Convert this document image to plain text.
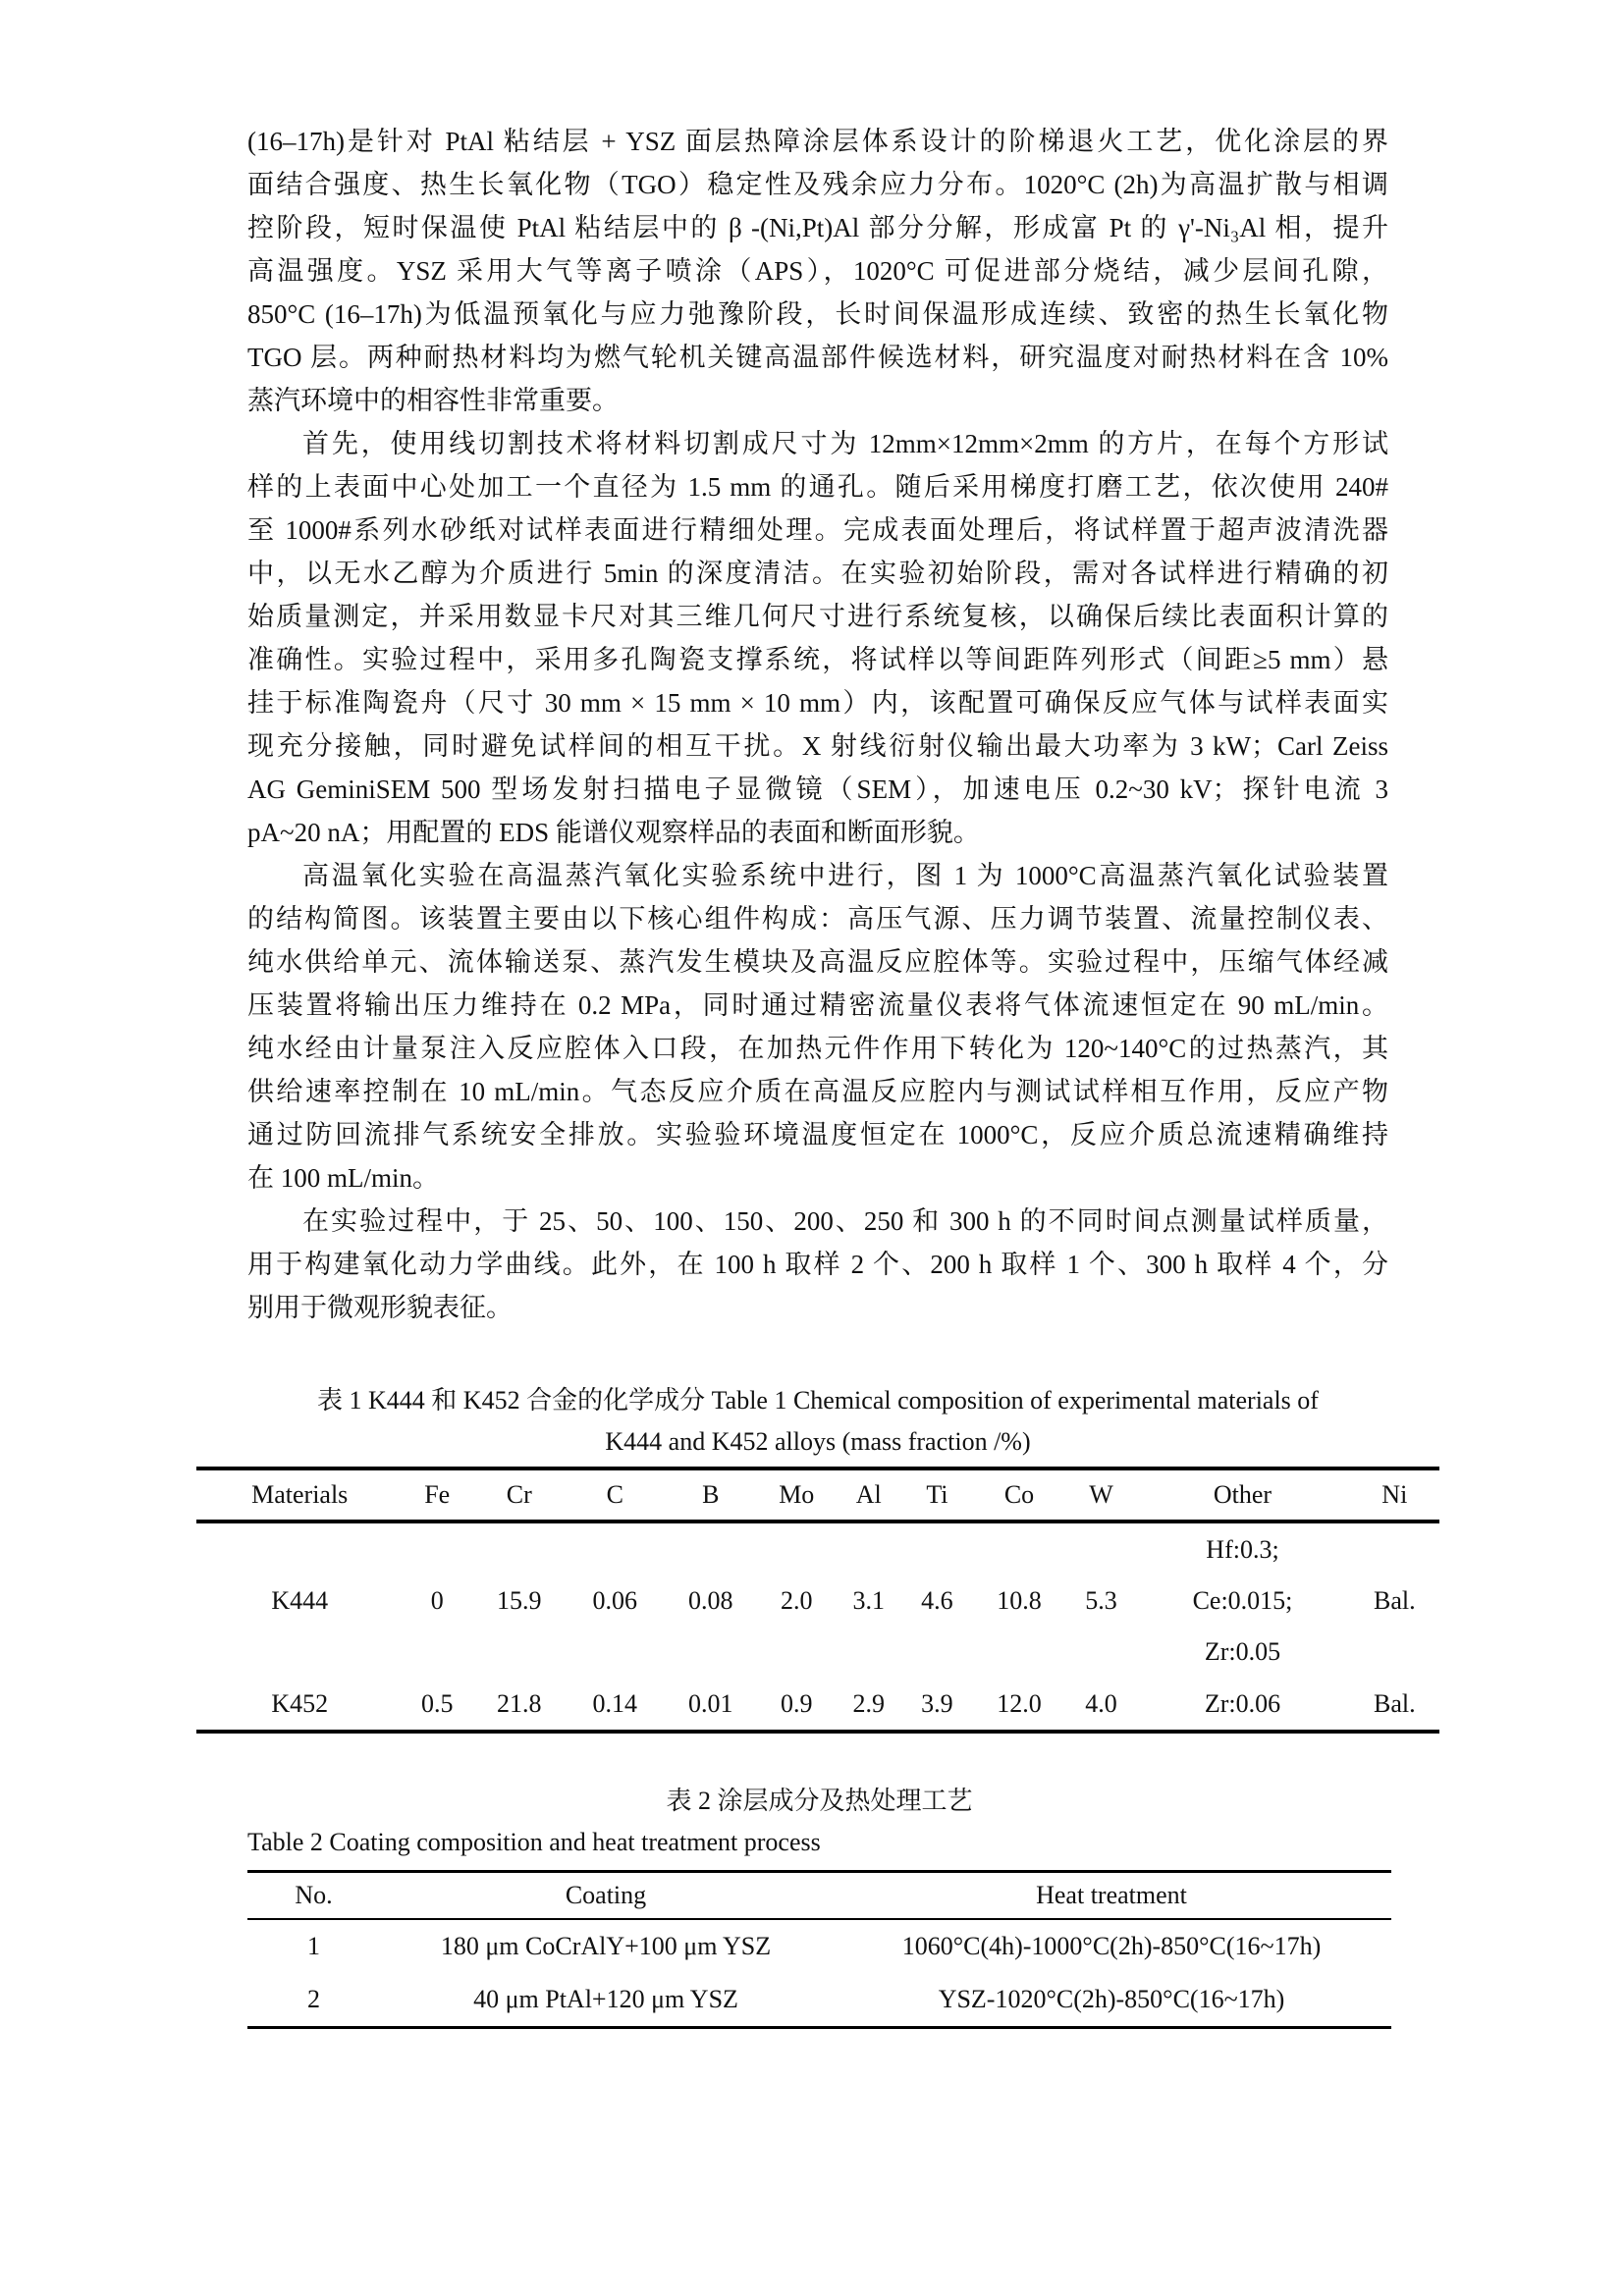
(16–17h)是针对 PtAl 粘结层 + YSZ 面层热障涂层体系设计的阶梯退火工艺，优化涂层的界
面结合强度、热生长氧化物（TGO）稳定性及残余应力分布。1020°C (2h)为高温扩散与相调
控阶段，短时保温使 PtAl 粘结层中的 β -(Ni,Pt)Al 部分分解，形成富 Pt 的 γ'-Ni₃Al 相，提升
高温强度。YSZ 采用大气等离子喷涂（APS），1020°C 可促进部分烧结，减少层间孔隙，
850°C (16–17h)为低温预氧化与应力弛豫阶段，长时间保温形成连续、致密的热生长氧化物
TGO 层。两种耐热材料均为燃气轮机关键高温部件候选材料，研究温度对耐热材料在含 10%
蒸汽环境中的相容性非常重要。
首先，使用线切割技术将材料切割成尺寸为 12mm×12mm×2mm 的方片，在每个方形试
样的上表面中心处加工一个直径为 1.5 mm 的通孔。随后采用梯度打磨工艺，依次使用 240#
至 1000#系列水砂纸对试样表面进行精细处理。完成表面处理后，将试样置于超声波清洗器
中，以无水乙醇为介质进行 5min 的深度清洁。在实验初始阶段，需对各试样进行精确的初
始质量测定，并采用数显卡尺对其三维几何尺寸进行系统复核，以确保后续比表面积计算的
准确性。实验过程中，采用多孔陶瓷支撑系统，将试样以等间距阵列形式（间距≥5 mm）悬
挂于标准陶瓷舟（尺寸 30 mm × 15 mm × 10 mm）内，该配置可确保反应气体与试样表面实
现充分接触，同时避免试样间的相互干扰。X 射线衍射仪输出最大功率为 3 kW；Carl Zeiss
AG GeminiSEM 500 型场发射扫描电子显微镜（SEM），加速电压 0.2~30 kV；探针电流 3
pA~20 nA；用配置的 EDS 能谱仪观察样品的表面和断面形貌。
高温氧化实验在高温蒸汽氧化实验系统中进行，图 1 为 1000°C高温蒸汽氧化试验装置
的结构简图。该装置主要由以下核心组件构成：高压气源、压力调节装置、流量控制仪表、
纯水供给单元、流体输送泵、蒸汽发生模块及高温反应腔体等。实验过程中，压缩气体经减
压装置将输出压力维持在 0.2 MPa，同时通过精密流量仪表将气体流速恒定在 90 mL/min。
纯水经由计量泵注入反应腔体入口段，在加热元件作用下转化为 120~140°C的过热蒸汽，其
供给速率控制在 10 mL/min。气态反应介质在高温反应腔内与测试试样相互作用，反应产物
通过防回流排气系统安全排放。实验验环境温度恒定在 1000°C，反应介质总流速精确维持
在 100 mL/min。
在实验过程中，于 25、50、100、150、200、250 和 300 h 的不同时间点测量试样质量，
用于构建氧化动力学曲线。此外，在 100 h 取样 2 个、200 h 取样 1 个、300 h 取样 4 个，分
别用于微观形貌表征。
表 1 K444 和 K452 合金的化学成分 Table 1 Chemical composition of experimental materials of
K444 and K452 alloys (mass fraction /%)
Materials	Fe	Cr	C	B	Mo	Al	Ti	Co	W	Other	Ni
K444	0	15.9	0.06	0.08	2.0	3.1	4.6	10.8	5.3	Hf:0.3;
Ce:0.015;
Zr:0.05	Bal.
K452	0.5	21.8	0.14	0.01	0.9	2.9	3.9	12.0	4.0	Zr:0.06	Bal.
表 2 涂层成分及热处理工艺
Table 2 Coating composition and heat treatment process
No.	Coating	Heat treatment
1	180 μm CoCrAlY+100 μm YSZ	1060°C(4h)-1000°C(2h)-850°C(16~17h)
2	40 μm PtAl+120 μm YSZ	YSZ-1020°C(2h)-850°C(16~17h)
